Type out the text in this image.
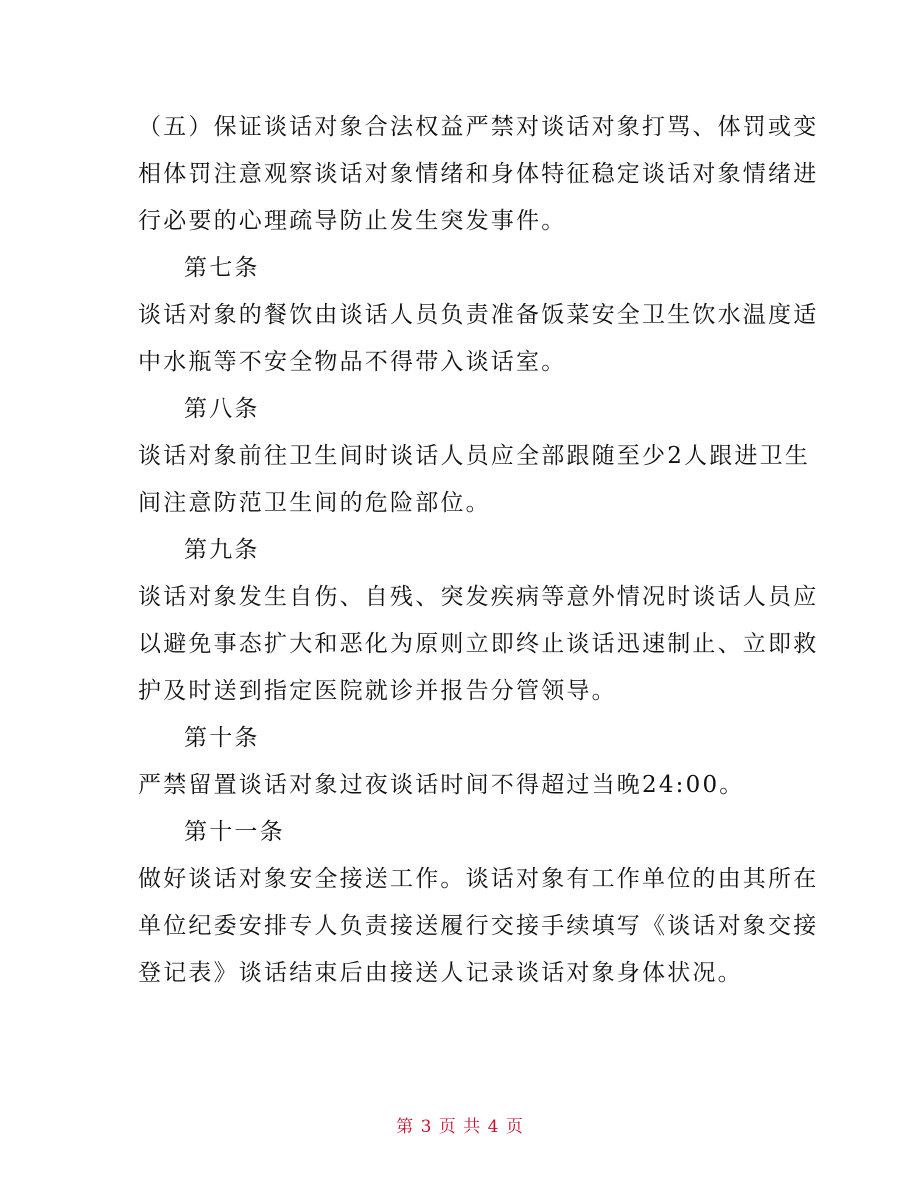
（五）保证谈话对象合法权益严禁对谈话对象打骂、体罚或变
相体罚注意观察谈话对象情绪和身体特征稳定谈话对象情绪进
行必要的心理疏导防止发生突发事件。
第七条
谈话对象的餐饮由谈话人员负责准备饭菜安全卫生饮水温度适
中水瓶等不安全物品不得带入谈话室。
第八条
谈话对象前往卫生间时谈话人员应全部跟随至少2人跟进卫生
间注意防范卫生间的危险部位。
第九条
谈话对象发生自伤、自残、突发疾病等意外情况时谈话人员应
以避免事态扩大和恶化为原则立即终止谈话迅速制止、立即救
护及时送到指定医院就诊并报告分管领导。
第十条
严禁留置谈话对象过夜谈话时间不得超过当晚24:00。
第十一条
做好谈话对象安全接送工作。谈话对象有工作单位的由其所在
单位纪委安排专人负责接送履行交接手续填写《谈话对象交接
登记表》谈话结束后由接送人记录谈话对象身体状况。
第 3 页 共 4 页
